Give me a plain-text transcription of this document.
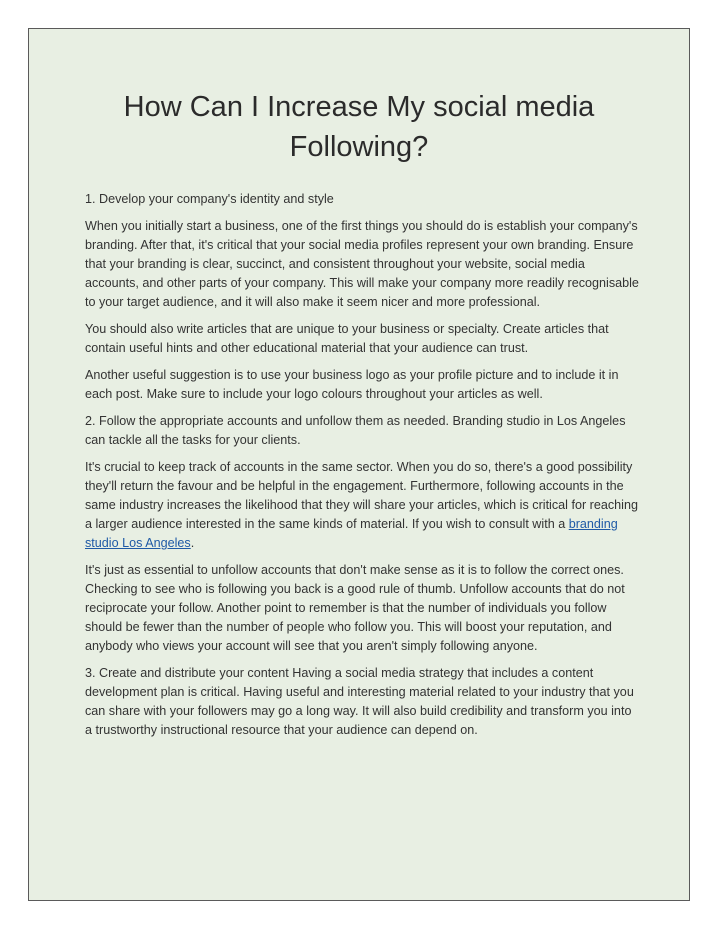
How Can I Increase My social media
Following?

1. Develop your company's identity and style

When you initially start a business, one of the first things you should do is establish your company's branding. After that, it's critical that your social media profiles represent your own branding. Ensure that your branding is clear, succinct, and consistent throughout your website, social media accounts, and other parts of your company. This will make your company more readily recognisable to your target audience, and it will also make it seem nicer and more professional.

You should also write articles that are unique to your business or specialty. Create articles that contain useful hints and other educational material that your audience can trust.

Another useful suggestion is to use your business logo as your profile picture and to include it in each post. Make sure to include your logo colours throughout your articles as well.

2. Follow the appropriate accounts and unfollow them as needed. Branding studio in Los Angeles can tackle all the tasks for your clients.

It's crucial to keep track of accounts in the same sector. When you do so, there's a good possibility they'll return the favour and be helpful in the engagement. Furthermore, following accounts in the same industry increases the likelihood that they will share your articles, which is critical for reaching a larger audience interested in the same kinds of material. If you wish to consult with a branding studio Los Angeles.

It's just as essential to unfollow accounts that don't make sense as it is to follow the correct ones. Checking to see who is following you back is a good rule of thumb. Unfollow accounts that do not reciprocate your follow. Another point to remember is that the number of individuals you follow should be fewer than the number of people who follow you. This will boost your reputation, and anybody who views your account will see that you aren't simply following anyone.

3. Create and distribute your content Having a social media strategy that includes a content development plan is critical. Having useful and interesting material related to your industry that you can share with your followers may go a long way. It will also build credibility and transform you into a trustworthy instructional resource that your audience can depend on.
